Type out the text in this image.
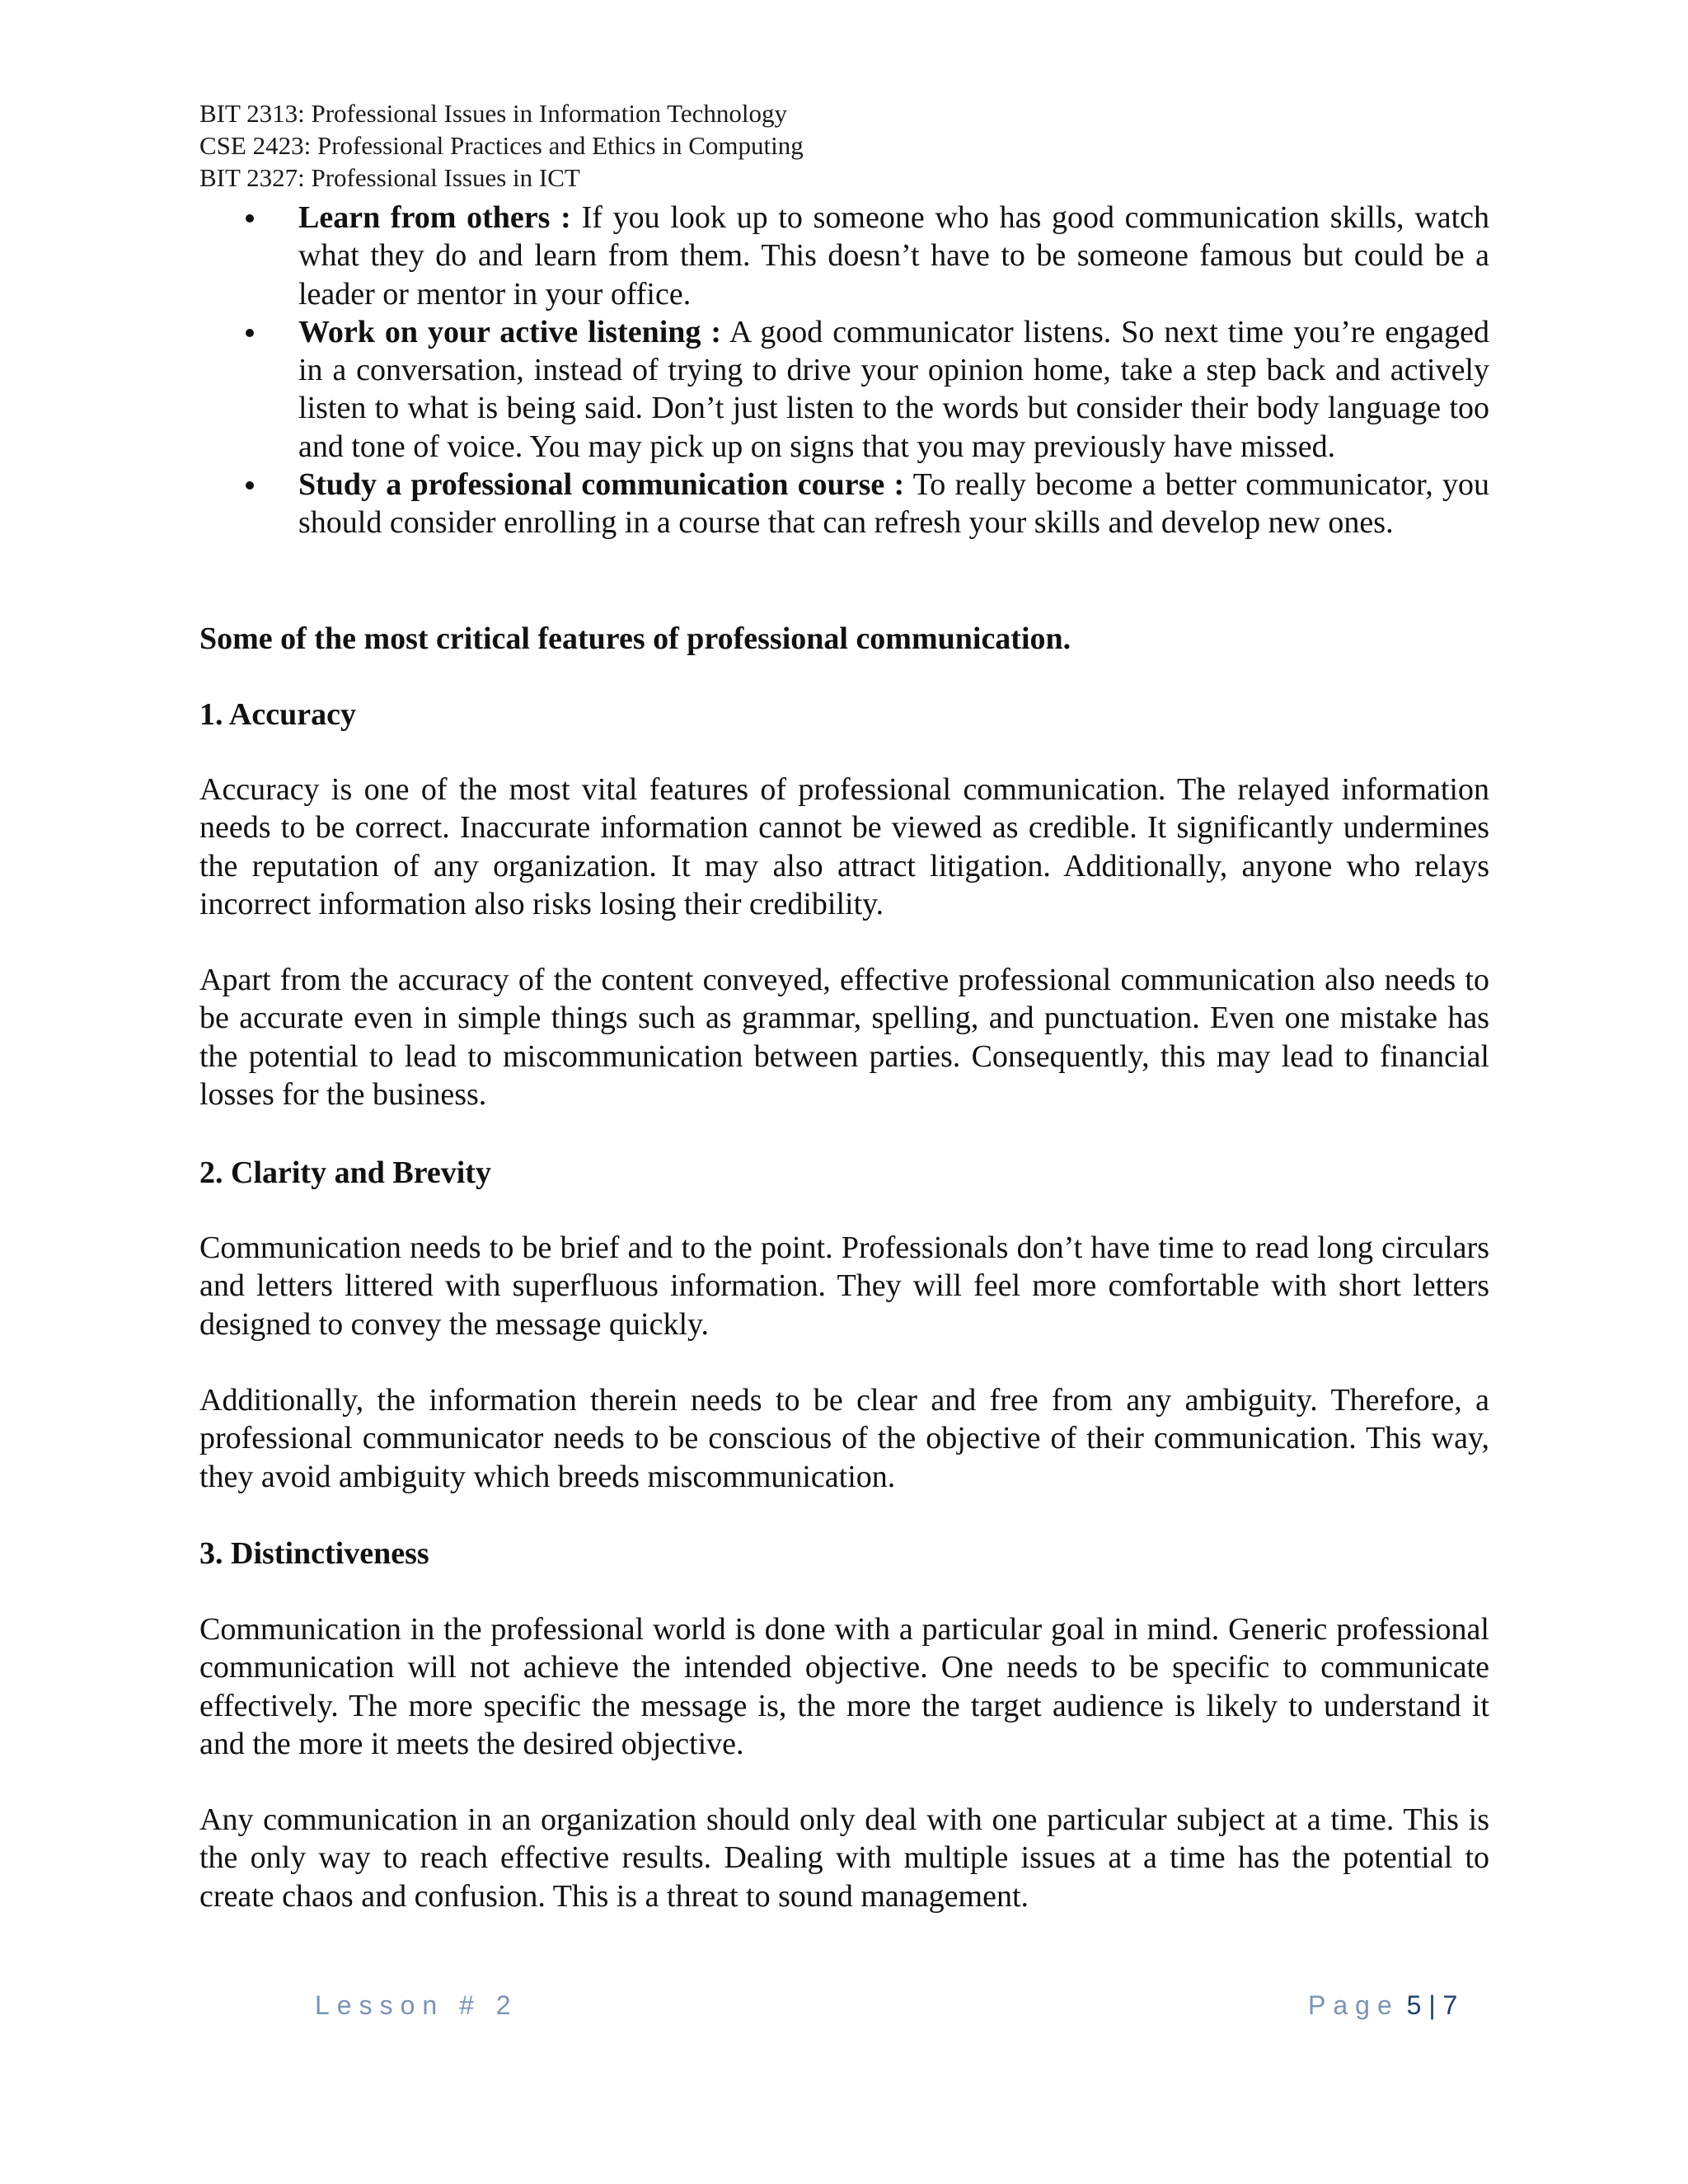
BIT 2313: Professional Issues in Information Technology
CSE 2423: Professional Practices and Ethics in Computing
BIT 2327: Professional Issues in ICT
Learn from others : If you look up to someone who has good communication skills, watch what they do and learn from them. This doesn’t have to be someone famous but could be a leader or mentor in your office.
Work on your active listening : A good communicator listens. So next time you’re engaged in a conversation, instead of trying to drive your opinion home, take a step back and actively listen to what is being said. Don’t just listen to the words but consider their body language too and tone of voice. You may pick up on signs that you may previously have missed.
Study a professional communication course : To really become a better communicator, you should consider enrolling in a course that can refresh your skills and develop new ones.
Some of the most critical features of professional communication.
1. Accuracy

Accuracy is one of the most vital features of professional communication. The relayed information needs to be correct. Inaccurate information cannot be viewed as credible. It significantly undermines the reputation of any organization. It may also attract litigation. Additionally, anyone who relays incorrect information also risks losing their credibility.

Apart from the accuracy of the content conveyed, effective professional communication also needs to be accurate even in simple things such as grammar, spelling, and punctuation. Even one mistake has the potential to lead to miscommunication between parties. Consequently, this may lead to financial losses for the business.

2. Clarity and Brevity

Communication needs to be brief and to the point. Professionals don’t have time to read long circulars and letters littered with superfluous information. They will feel more comfortable with short letters designed to convey the message quickly.

Additionally, the information therein needs to be clear and free from any ambiguity. Therefore, a professional communicator needs to be conscious of the objective of their communication. This way, they avoid ambiguity which breeds miscommunication.

3. Distinctiveness

Communication in the professional world is done with a particular goal in mind. Generic professional communication will not achieve the intended objective. One needs to be specific to communicate effectively. The more specific the message is, the more the target audience is likely to understand it and the more it meets the desired objective.

Any communication in an organization should only deal with one particular subject at a time. This is the only way to reach effective results. Dealing with multiple issues at a time has the potential to create chaos and confusion. This is a threat to sound management.

Lesson # 2	Page 5 | 7
